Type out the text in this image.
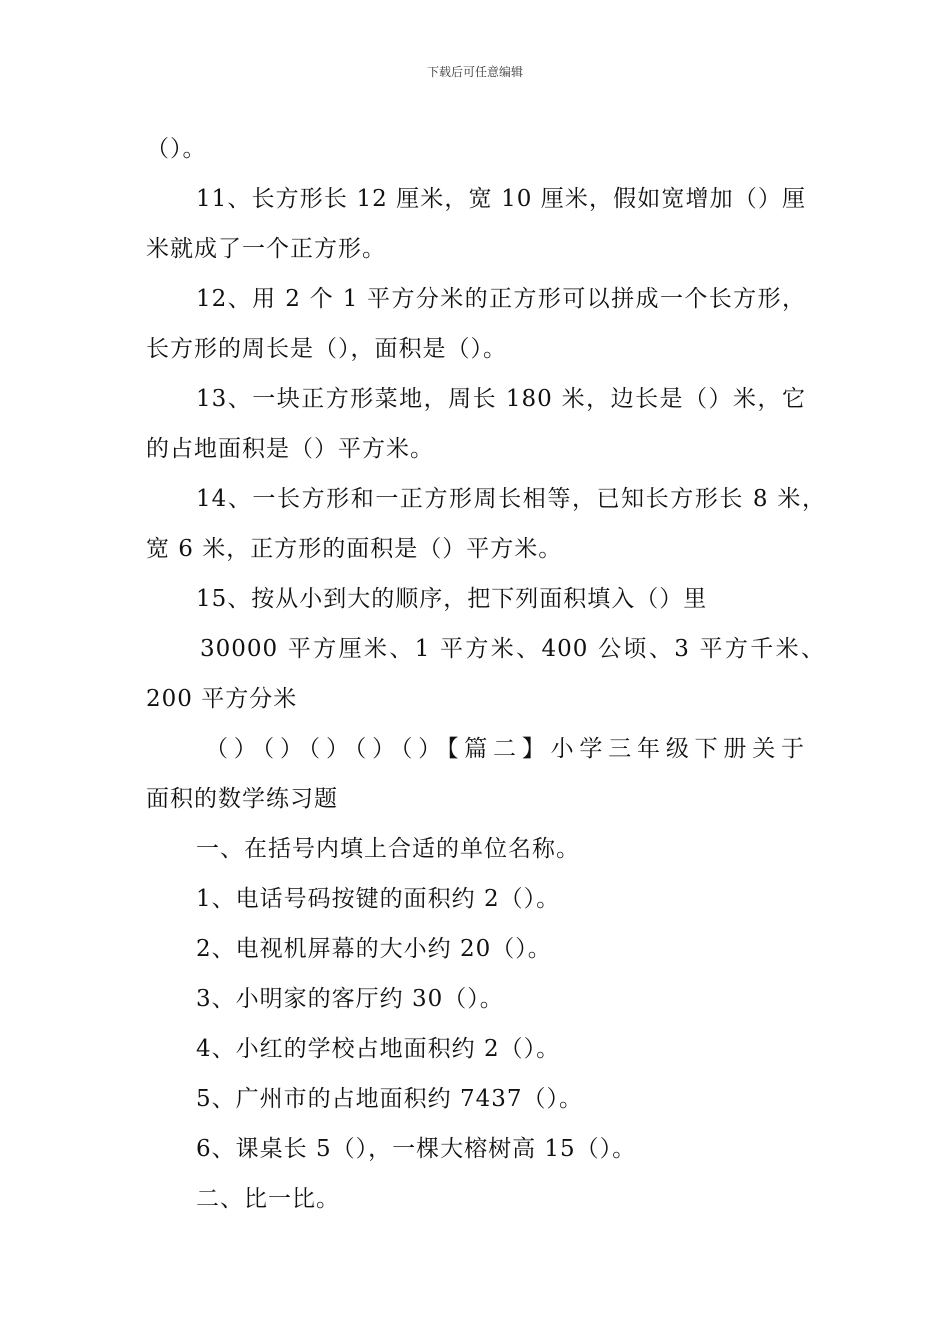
下载后可任意编辑
（）。
11、长方形长 12 厘米，宽 10 厘米，假如宽增加（）厘
米就成了一个正方形。
12、用 2 个 1 平方分米的正方形可以拼成一个长方形，
长方形的周长是（），面积是（）。
13、一块正方形菜地，周长 180 米，边长是（）米，它
的占地面积是（）平方米。
14、一长方形和一正方形周长相等，已知长方形长 8 米，
宽 6 米，正方形的面积是（）平方米。
15、按从小到大的顺序，把下列面积填入（）里
30000 平方厘米、1 平方米、400 公顷、3 平方千米、
200 平方分米
（）（）（）（）（）【篇二】小学三年级下册关于
面积的数学练习题
一、在括号内填上合适的单位名称。
1、电话号码按键的面积约 2（）。
2、电视机屏幕的大小约 20（）。
3、小明家的客厅约 30（）。
4、小红的学校占地面积约 2（）。
5、广州市的占地面积约 7437（）。
6、课桌长 5（），一棵大榕树高 15（）。
二、比一比。
